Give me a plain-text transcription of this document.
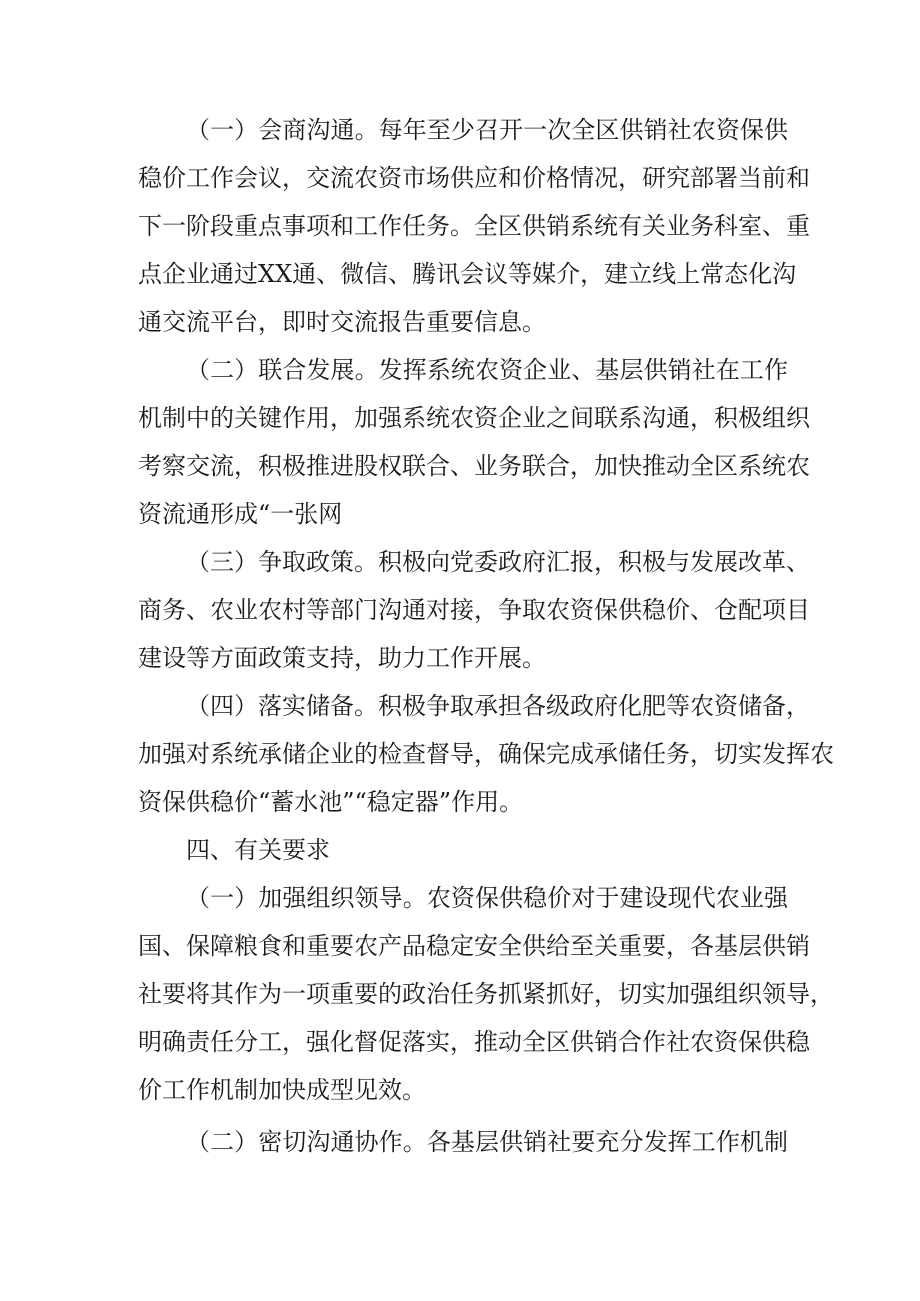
（一）会商沟通。每年至少召开一次全区供销社农资保供
稳价工作会议，交流农资市场供应和价格情况，研究部署当前和
下一阶段重点事项和工作任务。全区供销系统有关业务科室、重
点企业通过XX通、微信、腾讯会议等媒介，建立线上常态化沟
通交流平台，即时交流报告重要信息。
（二）联合发展。发挥系统农资企业、基层供销社在工作
机制中的关键作用，加强系统农资企业之间联系沟通，积极组织
考察交流，积极推进股权联合、业务联合，加快推动全区系统农
资流通形成“一张网
（三）争取政策。积极向党委政府汇报，积极与发展改革、
商务、农业农村等部门沟通对接，争取农资保供稳价、仓配项目
建设等方面政策支持，助力工作开展。
（四）落实储备。积极争取承担各级政府化肥等农资储备，
加强对系统承储企业的检查督导，确保完成承储任务，切实发挥农
资保供稳价“蓄水池”“稳定器”作用。
四、有关要求
（一）加强组织领导。农资保供稳价对于建设现代农业强
国、保障粮食和重要农产品稳定安全供给至关重要，各基层供销
社要将其作为一项重要的政治任务抓紧抓好，切实加强组织领导，
明确责任分工，强化督促落实，推动全区供销合作社农资保供稳
价工作机制加快成型见效。
（二）密切沟通协作。各基层供销社要充分发挥工作机制
